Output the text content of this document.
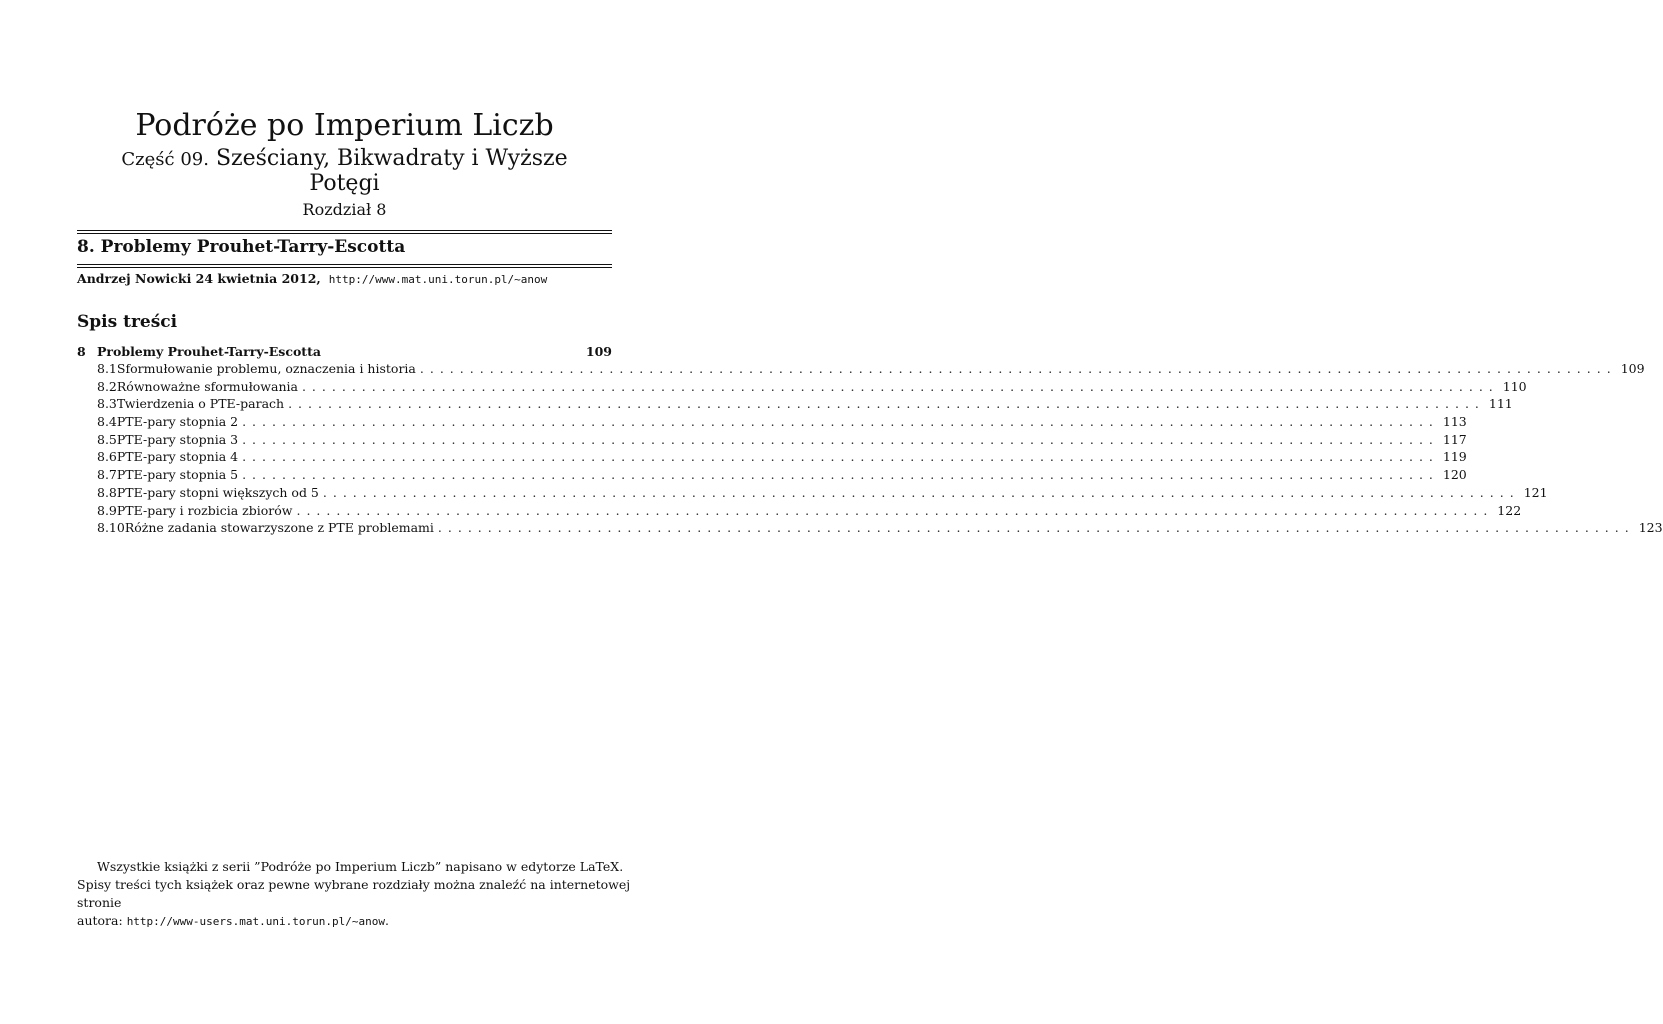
Podróże po Imperium Liczb
Część 09. Sześciany, Bikwadraty i Wyższe
Potęgi
Rozdział 8
8. Problemy Prouhet-Tarry-Escotta
Andrzej Nowicki 24 kwietnia 2012, http://www.mat.uni.torun.pl/~anow
Spis treści
8 Problemy Prouhet-Tarry-Escotta	109
8.1 Sformułowanie problemu, oznaczenia i historia ........................................................................................................................ 109
8.2 Równoważne sformułowania ........................................................................................................................ 110
8.3 Twierdzenia o PTE-parach ........................................................................................................................ 111
8.4 PTE-pary stopnia 2 ........................................................................................................................ 113
8.5 PTE-pary stopnia 3 ........................................................................................................................ 117
8.6 PTE-pary stopnia 4 ........................................................................................................................ 119
8.7 PTE-pary stopnia 5 ........................................................................................................................ 120
8.8 PTE-pary stopni większych od 5 ........................................................................................................................ 121
8.9 PTE-pary i rozbicia zbiorów ........................................................................................................................ 122
8.10 Różne zadania stowarzyszone z PTE problemami ........................................................................................................................ 123
Wszystkie książki z serii ”Podróże po Imperium Liczb” napisano w edytorze LaTeX.
Spisy treści tych książek oraz pewne wybrane rozdziały można znaleźć na internetowej stronie
autora: http://www-users.mat.uni.torun.pl/~anow.
